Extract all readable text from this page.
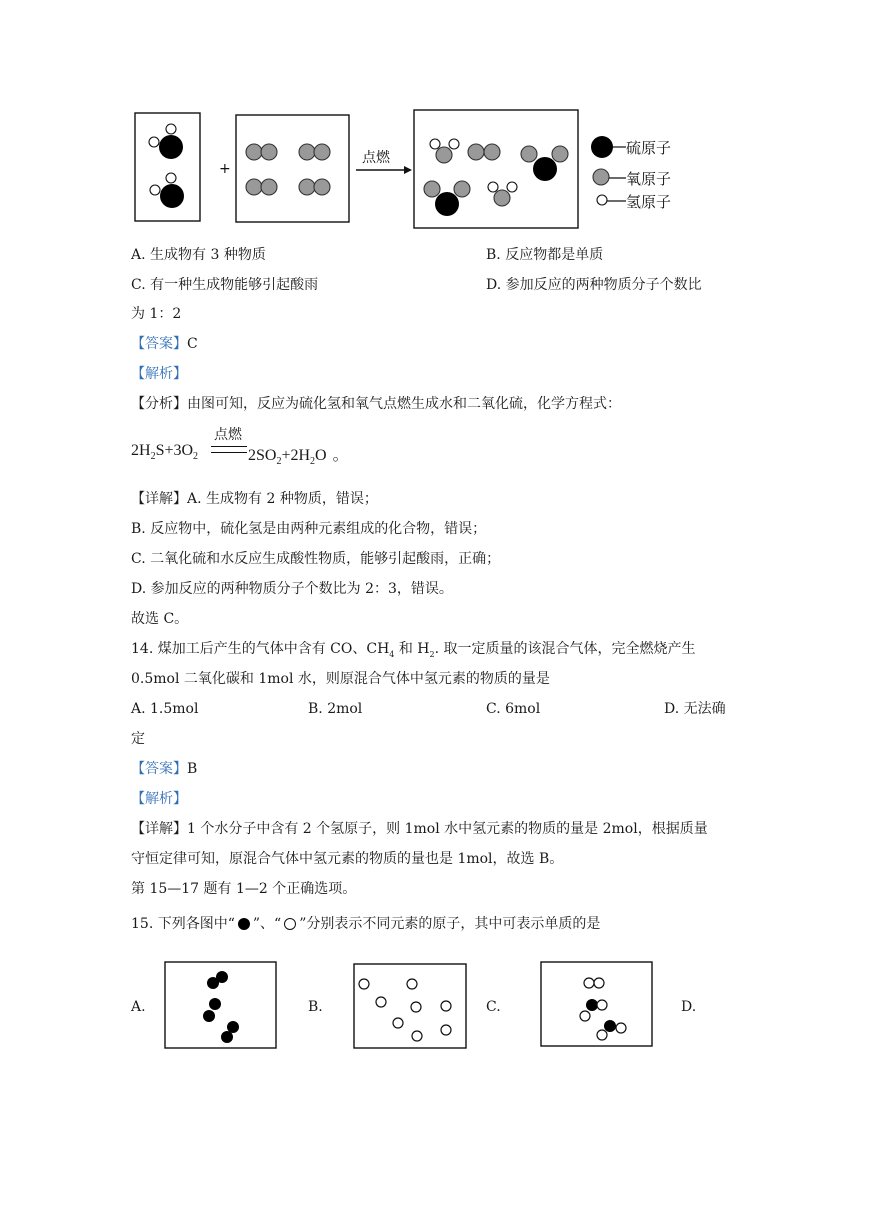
+
点燃
硫原子
氧原子
氢原子
A. 生成物有 3 种物质	B. 反应物都是单质
C. 有一种生成物能够引起酸雨	D. 参加反应的两种物质分子个数比
为 1：2
【答案】C
【解析】
【分析】由图可知，反应为硫化氢和氧气点燃生成水和二氧化硫，化学方程式：
$2H_2S+3O_2$
点燃
$2SO_2+2H_2O$ 。
【详解】A. 生成物有 2 种物质，错误；
B. 反应物中，硫化氢是由两种元素组成的化合物，错误；
C. 二氧化硫和水反应生成酸性物质，能够引起酸雨，正确；
D. 参加反应的两种物质分子个数比为 2：3，错误。
故选 C。
14. 煤加工后产生的气体中含有 CO、$CH_4$ 和 $H_2$. 取一定质量的该混合气体，完全燃烧产生
0.5mol 二氧化碳和 1mol 水，则原混合气体中氢元素的物质的量是
A. 1.5mol	B. 2mol	C. 6mol	D. 无法确
定
【答案】B
【解析】
【详解】1 个水分子中含有 2 个氢原子，则 1mol 水中氢元素的物质的量是 2mol，根据质量
守恒定律可知，原混合气体中氢元素的物质的量也是 1mol，故选 B。
第 15—17 题有 1—2 个正确选项。
15. 下列各图中“ ”、“ ”分别表示不同元素的原子，其中可表示单质的是
A.	B.	C.	D.
